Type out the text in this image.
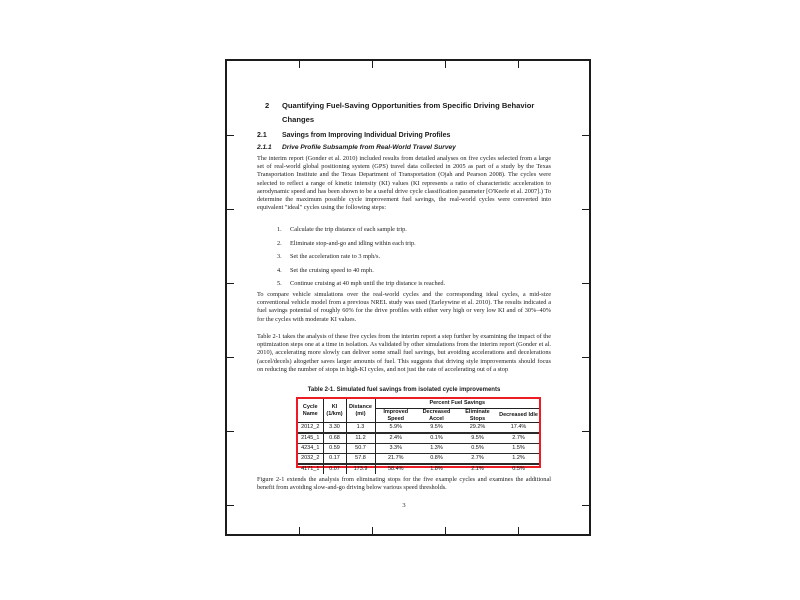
2	Quantifying Fuel-Saving Opportunities from Specific Driving Behavior Changes
2.1	Savings from Improving Individual Driving Profiles
2.1.1	Drive Profile Subsample from Real-World Travel Survey
The interim report (Gonder et al. 2010) included results from detailed analyses on five cycles selected from a large set of real-world global positioning system (GPS) travel data collected in 2005 as part of a study by the Texas Transportation Institute and the Texas Department of Transportation (Ojah and Pearson 2008). The cycles were selected to reflect a range of kinetic intensity (KI) values (KI represents a ratio of characteristic acceleration to aerodynamic speed and has been shown to be a useful drive cycle classification parameter [O'Keefe et al. 2007].) To determine the maximum possible cycle improvement fuel savings, the real-world cycles were converted into equivalent "ideal" cycles using the following steps:
1.	Calculate the trip distance of each sample trip.
2.	Eliminate stop-and-go and idling within each trip.
3.	Set the acceleration rate to 3 mph/s.
4.	Set the cruising speed to 40 mph.
5.	Continue cruising at 40 mph until the trip distance is reached.
To compare vehicle simulations over the real-world cycles and the corresponding ideal cycles, a mid-size conventional vehicle model from a previous NREL study was used (Earleywine et al. 2010). The results indicated a fuel savings potential of roughly 60% for the drive profiles with either very high or very low KI and of 30%–40% for the cycles with moderate KI values.
Table 2-1 takes the analysis of these five cycles from the interim report a step further by examining the impact of the optimization steps one at a time in isolation. As validated by other simulations from the interim report (Gonder et al. 2010), accelerating more slowly can deliver some small fuel savings, but avoiding accelerations and decelerations (accel/decels) altogether saves larger amounts of fuel. This suggests that driving style improvements should focus on reducing the number of stops in high-KI cycles, and not just the rate of accelerating out of a stop
Table 2-1. Simulated fuel savings from isolated cycle improvements
Cycle Name	KI (1/km)	Distance (mi)	Percent Fuel Savings			
			Improved Speed	Decreased Accel	Eliminate Stops	Decreased Idle
2012_2	3.30	1.3	5.9%	9.5%	29.2%	17.4%
2145_1	0.68	11.2	2.4%	0.1%	9.5%	2.7%
4234_1	0.59	50.7	3.3%	1.3%	0.5%	1.5%
2032_2	0.17	57.8	21.7%	0.8%	2.7%	1.2%
4171_1	0.07	173.9	58.4%	1.8%	2.1%	0.5%
Figure 2-1 extends the analysis from eliminating stops for the five example cycles and examines the additional benefit from avoiding slow-and-go driving below various speed thresholds.
3
